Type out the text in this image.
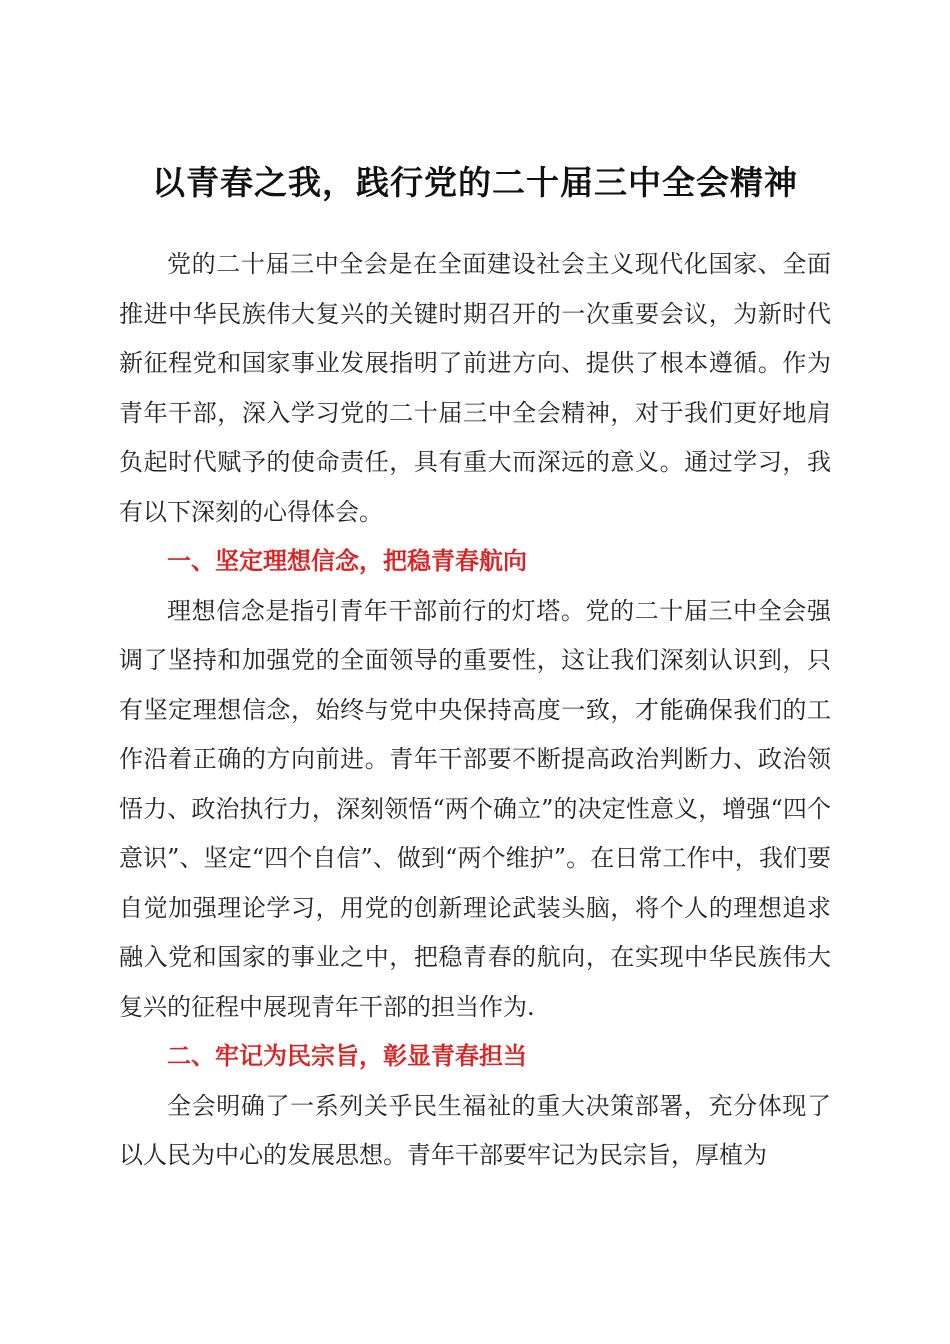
以青春之我，践行党的二十届三中全会精神

党的二十届三中全会是在全面建设社会主义现代化国家、全面推进中华民族伟大复兴的关键时期召开的一次重要会议，为新时代新征程党和国家事业发展指明了前进方向、提供了根本遵循。作为青年干部，深入学习党的二十届三中全会精神，对于我们更好地肩负起时代赋予的使命责任，具有重大而深远的意义。通过学习，我有以下深刻的心得体会。

一、坚定理想信念，把稳青春航向

理想信念是指引青年干部前行的灯塔。党的二十届三中全会强调了坚持和加强党的全面领导的重要性，这让我们深刻认识到，只有坚定理想信念，始终与党中央保持高度一致，才能确保我们的工作沿着正确的方向前进。青年干部要不断提高政治判断力、政治领悟力、政治执行力，深刻领悟“两个确立”的决定性意义，增强“四个意识”、坚定“四个自信”、做到“两个维护”。在日常工作中，我们要自觉加强理论学习，用党的创新理论武装头脑，将个人的理想追求融入党和国家的事业之中，把稳青春的航向，在实现中华民族伟大复兴的征程中展现青年干部的担当作为.

二、牢记为民宗旨，彰显青春担当

全会明确了一系列关乎民生福祉的重大决策部署，充分体现了以人民为中心的发展思想。青年干部要牢记为民宗旨，厚植为
